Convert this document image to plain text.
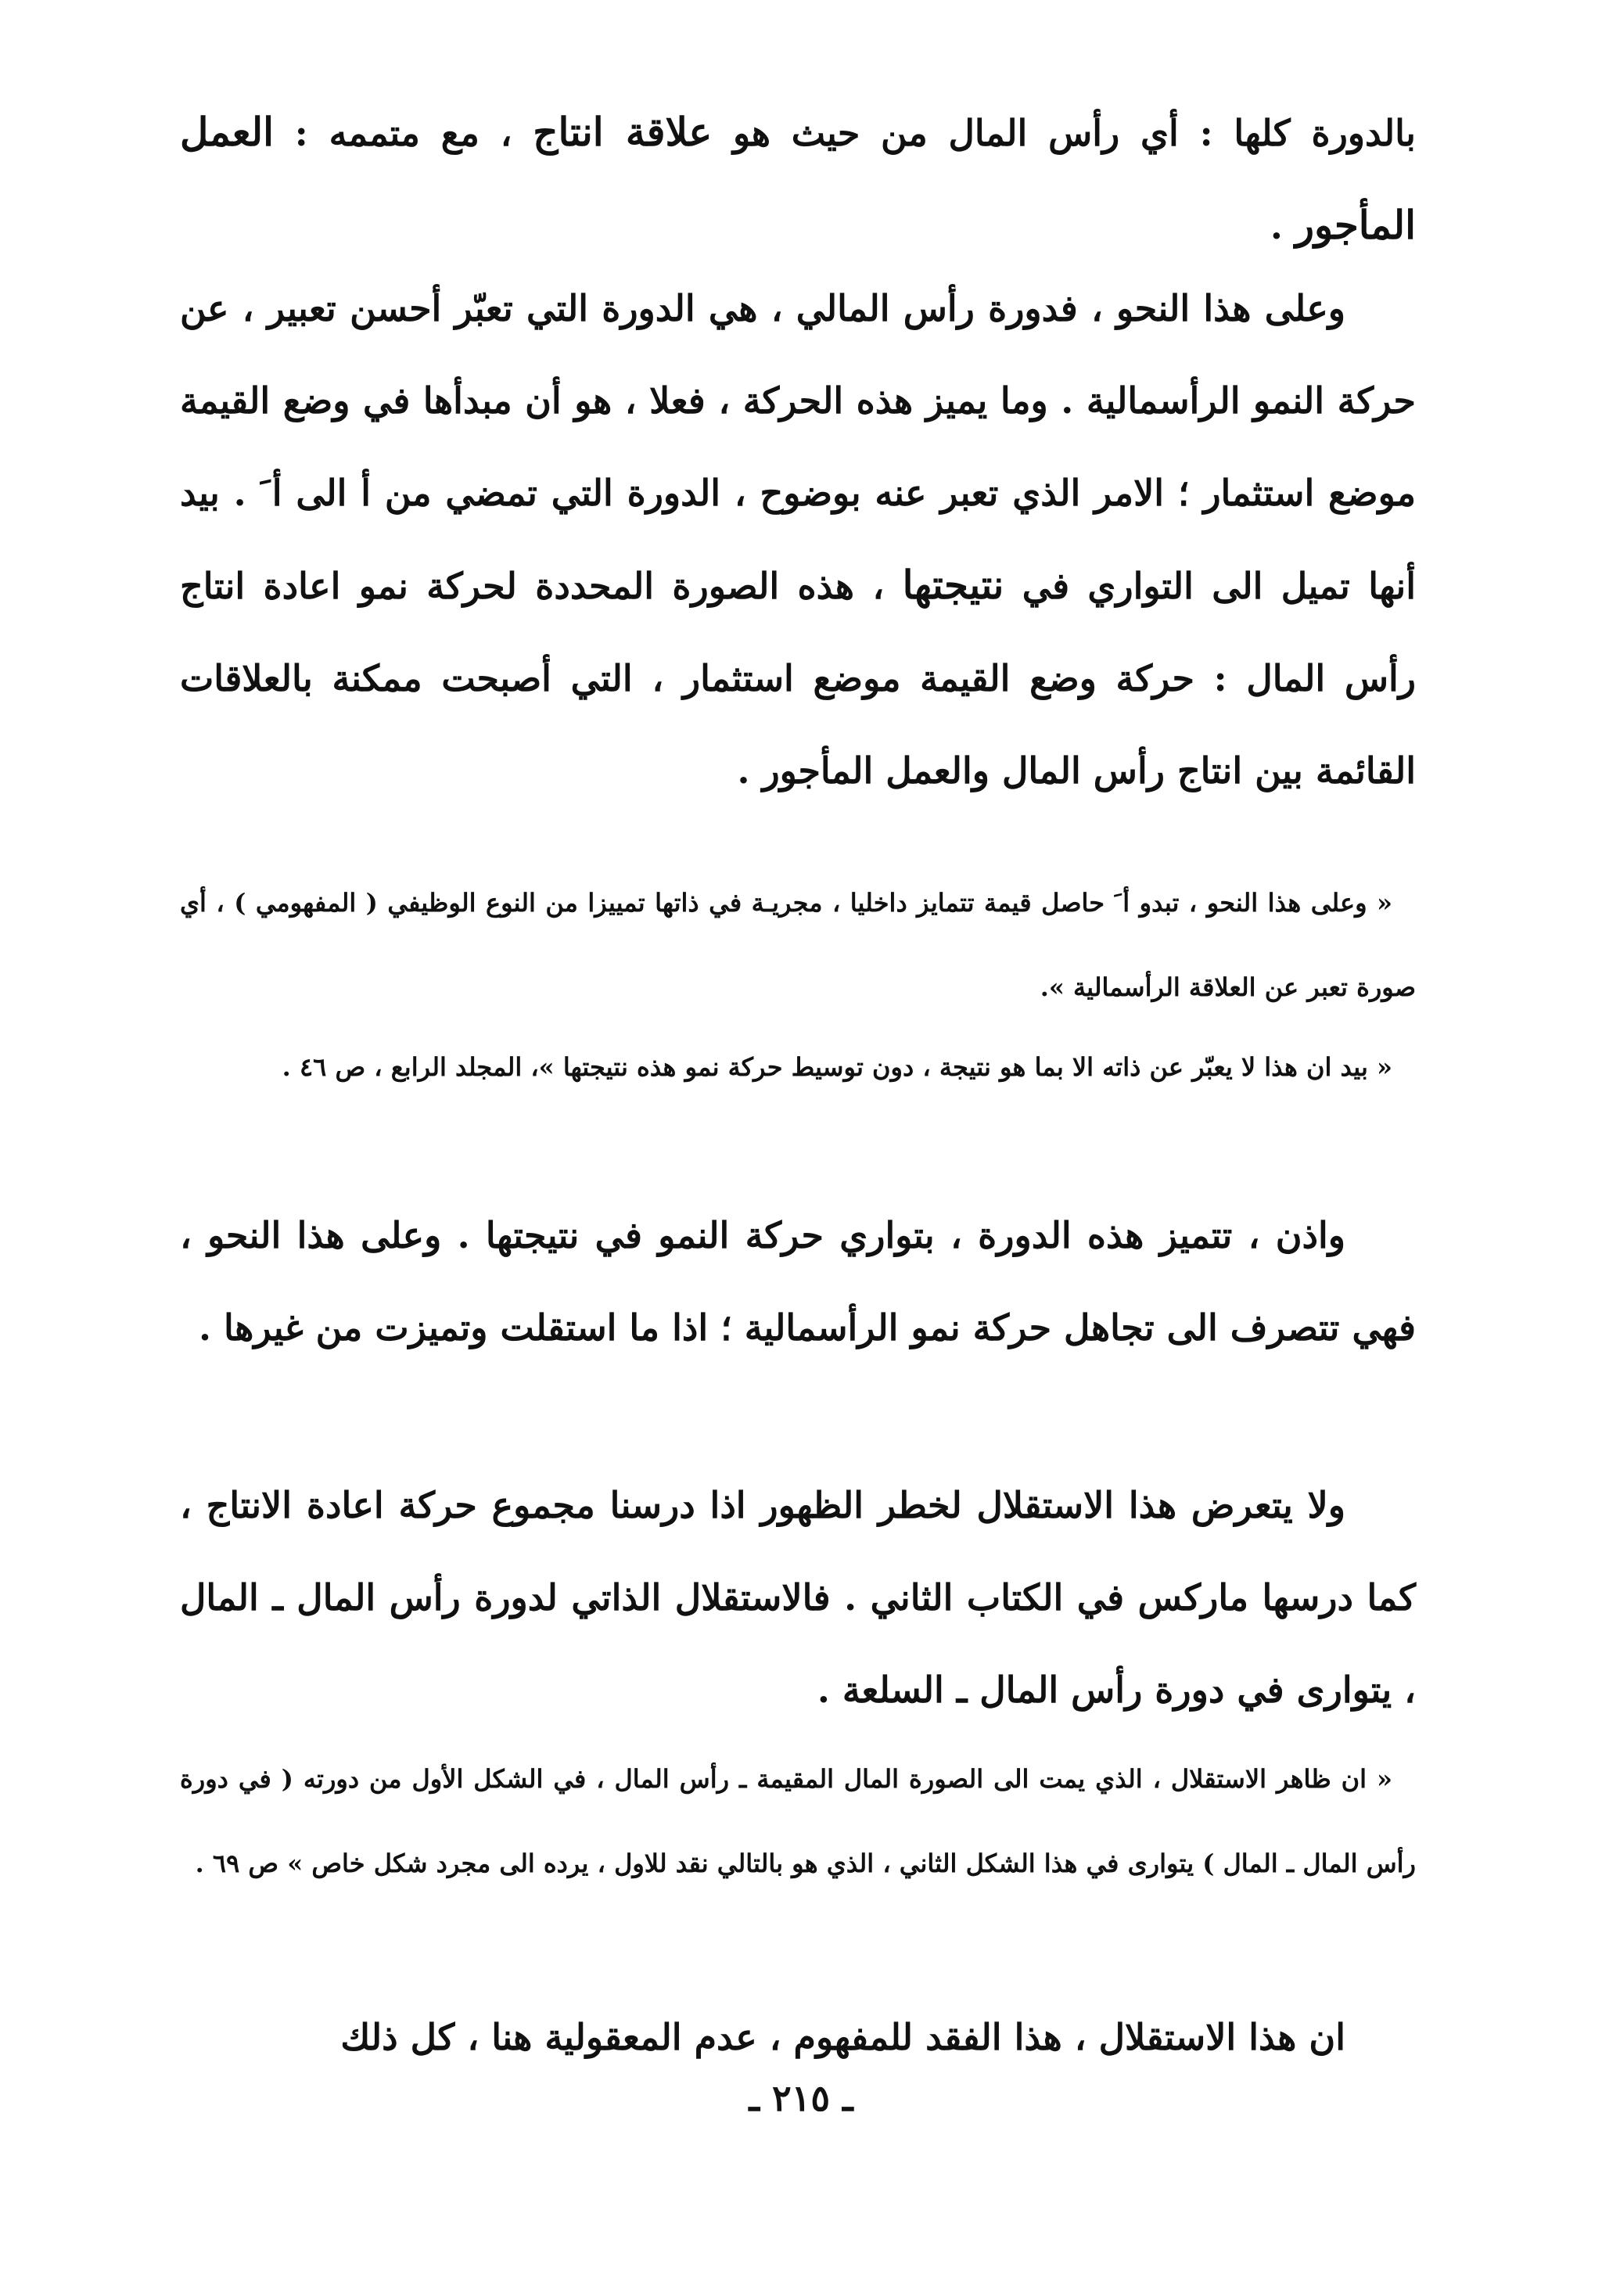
بالدورة كلها : أي رأس المال من حيث هو علاقة انتاج ، مع متممه : العمل المأجور .

وعلى هذا النحو ، فدورة رأس المالي ، هي الدورة التي تعبّر أحسن تعبير ، عن حركة النمو الرأسمالية . وما يميز هذه الحركة ، فعلا ، هو أن مبدأها في وضع القيمة موضع استثمار ؛ الامر الذي تعبر عنه بوضوح ، الدورة التي تمضي من أ الى أ َ . بيد أنها تميل الى التواري في نتيجتها ، هذه الصورة المحددة لحركة نمو اعادة انتاج رأس المال : حركة وضع القيمة موضع استثمار ، التي أصبحت ممكنة بالعلاقات القائمة بين انتاج رأس المال والعمل المأجور .

« وعلى هذا النحو ، تبدو أ َ حاصل قيمة تتمايز داخليا ، مجريـة في ذاتها تمييزا من النوع الوظيفي ( المفهومي ) ، أي صورة تعبر عن العلاقة الرأسمالية ».

« بيد ان هذا لا يعبّر عن ذاته الا بما هو نتيجة ، دون توسيط حركة نمو هذه نتيجتها »، المجلد الرابع ، ص ٤٦ .

واذن ، تتميز هذه الدورة ، بتواري حركة النمو في نتيجتها . وعلى هذا النحو ، فهي تتصرف الى تجاهل حركة نمو الرأسمالية ؛ اذا ما استقلت وتميزت من غيرها .

ولا يتعرض هذا الاستقلال لخطر الظهور اذا درسنا مجموع حركة اعادة الانتاج ، كما درسها ماركس في الكتاب الثاني . فالاستقلال الذاتي لدورة رأس المال ـ المال ، يتوارى في دورة رأس المال ـ السلعة .

« ان ظاهر الاستقلال ، الذي يمت الى الصورة المال المقيمة ـ رأس المال ، في الشكل الأول من دورته ( في دورة رأس المال ـ المال ) يتوارى في هذا الشكل الثاني ، الذي هو بالتالي نقد للاول ، يرده الى مجرد شكل خاص » ص ٦٩ .

ان هذا الاستقلال ، هذا الفقد للمفهوم ، عدم المعقولية هنا ، كل ذلك

ـ ٢١٥ ـ
